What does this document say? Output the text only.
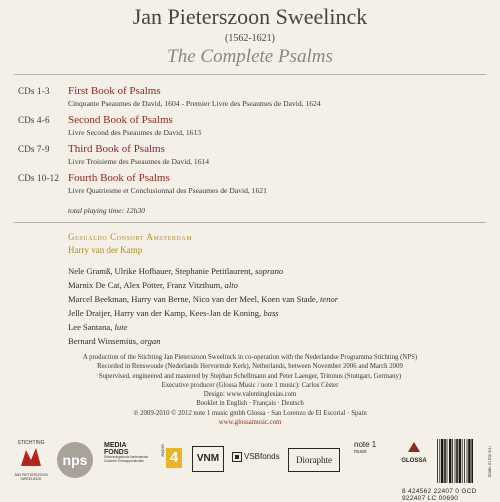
Jan Pieterszoon Sweelinck
(1562-1621)
The Complete Psalms
CDs 1-3 First Book of Psalms
Cinquante Pseaumes de David, 1604 - Premier Livre des Pseaumes de David, 1624
CDs 4-6 Second Book of Psalms
Livre Second des Pseaumes de David, 1613
CDs 7-9 Third Book of Psalms
Livre Troisieme des Pseaumes de David, 1614
CDs 10-12 Fourth Book of Psalms
Livre Quatriesme et Conclusionnal des Pseaumes de David, 1621
total playing time: 12h30
Gesualdo Consort Amsterdam
Harry van der Kamp
Nele Gramß, Ulrike Hofbauer, Stephanie Petitlaurent, soprano
Marnix De Cat, Alex Potter, Franz Vitzthum, alto
Marcel Beekman, Harry van Berne, Nico van der Meel, Koen van Stade, tenor
Jelle Draijer, Harry van der Kamp, Kees-Jan de Koning, bass
Lee Santana, lute
Bernard Winsemius, organ
A production of the Stichting Jan Pieterszoon Sweelinck in co-operation with the Nederlandse Programma Stichting (NPS)
Recorded in Renswoude (Nederlands Hervormde Kerk), Netherlands, between November 2006 and March 2009
Supervised, engineered and mastered by Stephan Schellmann and Peter Laenger, Tritonus (Stuttgart, Germany)
Executive producer (Glossa Music / note 1 music): Carlos Céster
Design: www.valentinglesias.com
Booklet in English · Français · Deutsch
℗ 2009-2010 © 2012 note 1 music gmbh Glossa · San Lorenzo de El Escorial · Spain
www.glossamusic.com
STICHTING
JAN PIETERSZOON SWEELINCK
nps
MEDIA
FONDS
Stimuleringsfonds Nederlandse Culturele Omroepproducties
RADIO 4	VNM	VSBfonds	Dioraphte
note 1
music
GLOSSA	made in the EU
8 424562 22407 0 GCD 922407 LC 00690
